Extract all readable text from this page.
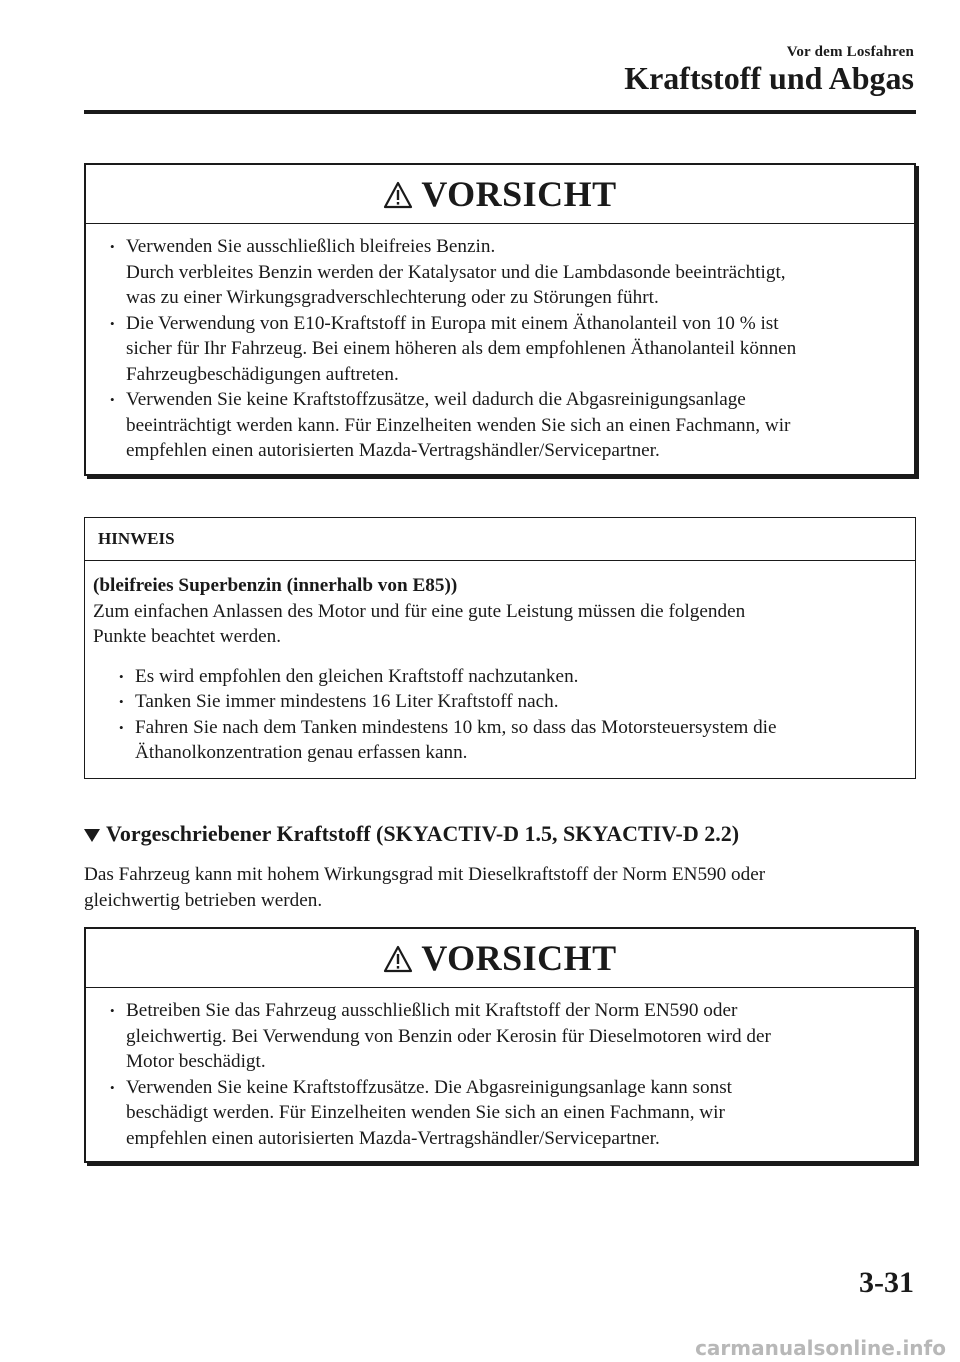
Vor dem Losfahren
Kraftstoff und Abgas
VORSICHT
• Verwenden Sie ausschließlich bleifreies Benzin.
Durch verbleites Benzin werden der Katalysator und die Lambdasonde beeinträchtigt,
was zu einer Wirkungsgradverschlechterung oder zu Störungen führt.
• Die Verwendung von E10-Kraftstoff in Europa mit einem Äthanolanteil von 10 % ist
sicher für Ihr Fahrzeug. Bei einem höheren als dem empfohlenen Äthanolanteil können
Fahrzeugbeschädigungen auftreten.
• Verwenden Sie keine Kraftstoffzusätze, weil dadurch die Abgasreinigungsanlage
beeinträchtigt werden kann. Für Einzelheiten wenden Sie sich an einen Fachmann, wir
empfehlen einen autorisierten Mazda-Vertragshändler/Servicepartner.
HINWEIS
(bleifreies Superbenzin (innerhalb von E85))
Zum einfachen Anlassen des Motor und für eine gute Leistung müssen die folgenden
Punkte beachtet werden.
• Es wird empfohlen den gleichen Kraftstoff nachzutanken.
• Tanken Sie immer mindestens 16 Liter Kraftstoff nach.
• Fahren Sie nach dem Tanken mindestens 10 km, so dass das Motorsteuersystem die
Äthanolkonzentration genau erfassen kann.
Vorgeschriebener Kraftstoff (SKYACTIV-D 1.5, SKYACTIV-D 2.2)
Das Fahrzeug kann mit hohem Wirkungsgrad mit Dieselkraftstoff der Norm EN590 oder
gleichwertig betrieben werden.
VORSICHT
• Betreiben Sie das Fahrzeug ausschließlich mit Kraftstoff der Norm EN590 oder
gleichwertig. Bei Verwendung von Benzin oder Kerosin für Dieselmotoren wird der
Motor beschädigt.
• Verwenden Sie keine Kraftstoffzusätze. Die Abgasreinigungsanlage kann sonst
beschädigt werden. Für Einzelheiten wenden Sie sich an einen Fachmann, wir
empfehlen einen autorisierten Mazda-Vertragshändler/Servicepartner.
3-31
carmanualsonline.info
